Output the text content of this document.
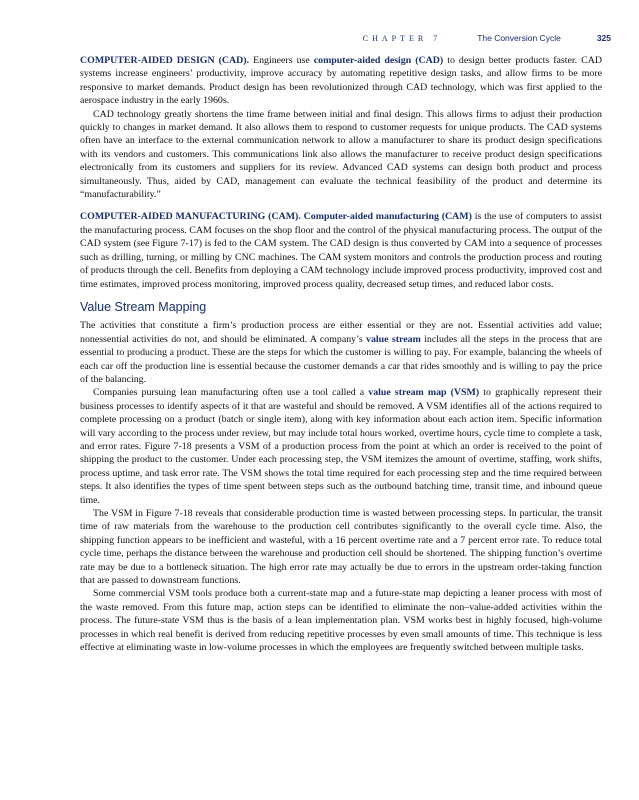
CHAPTER 7	The Conversion Cycle	325

COMPUTER-AIDED DESIGN (CAD). Engineers use computer-aided design (CAD) to design better products faster. CAD systems increase engineers’ productivity, improve accuracy by automating repetitive design tasks, and allow firms to be more responsive to market demands. Product design has been revolutionized through CAD technology, which was first applied to the aerospace industry in the early 1960s.

CAD technology greatly shortens the time frame between initial and final design. This allows firms to adjust their production quickly to changes in market demand. It also allows them to respond to customer requests for unique products. The CAD systems often have an interface to the external communication network to allow a manufacturer to share its product design specifications with its vendors and customers. This communications link also allows the manufacturer to receive product design specifications electronically from its customers and suppliers for its review. Advanced CAD systems can design both product and process simultaneously. Thus, aided by CAD, management can evaluate the technical feasibility of the product and determine its “manufacturability.”

COMPUTER-AIDED MANUFACTURING (CAM). Computer-aided manufacturing (CAM) is the use of computers to assist the manufacturing process. CAM focuses on the shop floor and the control of the physical manufacturing process. The output of the CAD system (see Figure 7-17) is fed to the CAM system. The CAD design is thus converted by CAM into a sequence of processes such as drilling, turning, or milling by CNC machines. The CAM system monitors and controls the production process and routing of products through the cell. Benefits from deploying a CAM technology include improved process productivity, improved cost and time estimates, improved process monitoring, improved process quality, decreased setup times, and reduced labor costs.

Value Stream Mapping

The activities that constitute a firm’s production process are either essential or they are not. Essential activities add value; nonessential activities do not, and should be eliminated. A company’s value stream includes all the steps in the process that are essential to producing a product. These are the steps for which the customer is willing to pay. For example, balancing the wheels of each car off the production line is essential because the customer demands a car that rides smoothly and is willing to pay the price of the balancing.

Companies pursuing lean manufacturing often use a tool called a value stream map (VSM) to graphically represent their business processes to identify aspects of it that are wasteful and should be removed. A VSM identifies all of the actions required to complete processing on a product (batch or single item), along with key information about each action item. Specific information will vary according to the process under review, but may include total hours worked, overtime hours, cycle time to complete a task, and error rates. Figure 7-18 presents a VSM of a production process from the point at which an order is received to the point of shipping the product to the customer. Under each processing step, the VSM itemizes the amount of overtime, staffing, work shifts, process uptime, and task error rate. The VSM shows the total time required for each processing step and the time required between steps. It also identifies the types of time spent between steps such as the outbound batching time, transit time, and inbound queue time.

The VSM in Figure 7-18 reveals that considerable production time is wasted between processing steps. In particular, the transit time of raw materials from the warehouse to the production cell contributes significantly to the overall cycle time. Also, the shipping function appears to be inefficient and wasteful, with a 16 percent overtime rate and a 7 percent error rate. To reduce total cycle time, perhaps the distance between the warehouse and production cell should be shortened. The shipping function’s overtime rate may be due to a bottleneck situation. The high error rate may actually be due to errors in the upstream order-taking function that are passed to downstream functions.

Some commercial VSM tools produce both a current-state map and a future-state map depicting a leaner process with most of the waste removed. From this future map, action steps can be identified to eliminate the non–value-added activities within the process. The future-state VSM thus is the basis of a lean implementation plan. VSM works best in highly focused, high-volume processes in which real benefit is derived from reducing repetitive processes by even small amounts of time. This technique is less effective at eliminating waste in low-volume processes in which the employees are frequently switched between multiple tasks.
